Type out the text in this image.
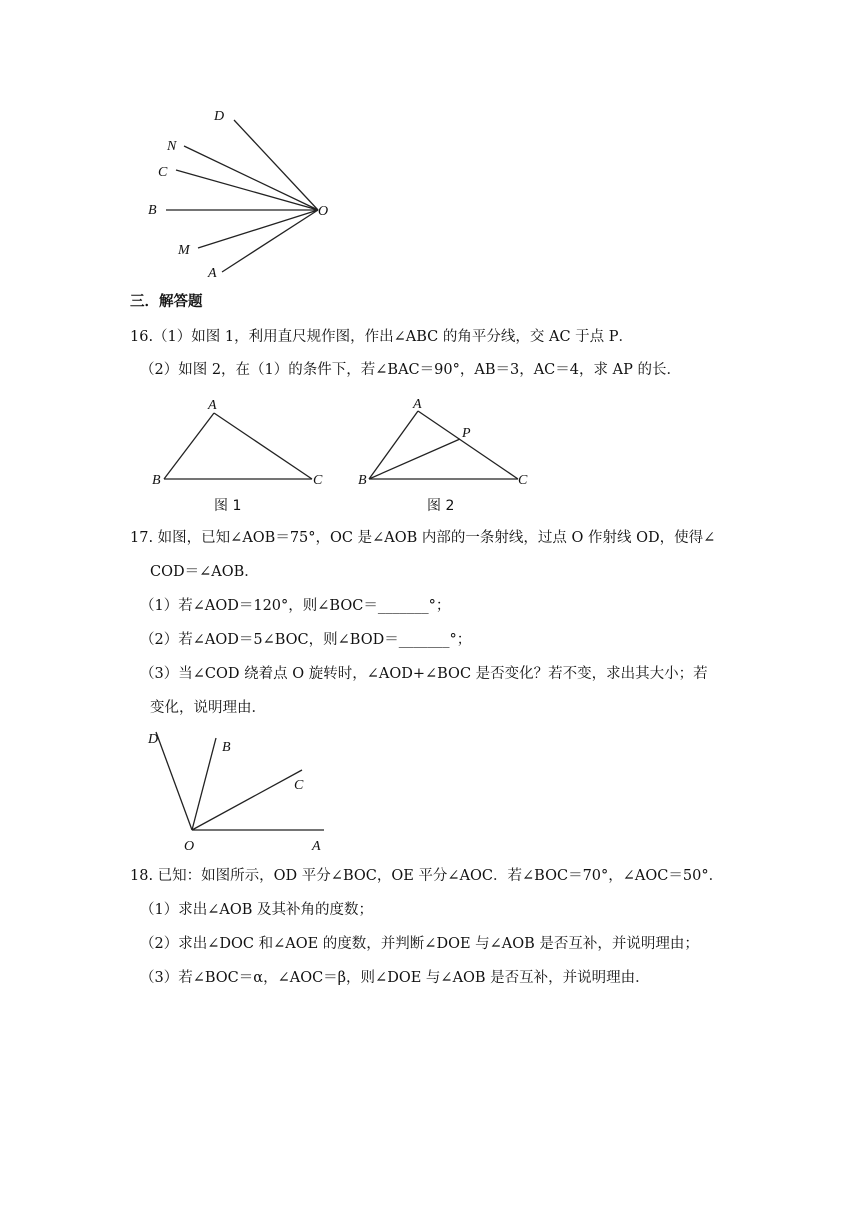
D
N
C
B
M
A
O
三．解答题
16.（1）如图 1，利用直尺规作图，作出∠ABC 的角平分线，交 AC 于点 P．
（2）如图 2，在（1）的条件下，若∠BAC＝90°，AB＝3，AC＝4，求 AP 的长．
A
B	C
图 1
A
P
B	C
图 2
17. 如图，已知∠AOB＝75°，OC 是∠AOB 内部的一条射线，过点 O 作射线 OD，使得∠
COD＝∠AOB．
（1）若∠AOD＝120°，则∠BOC＝_______°；
（2）若∠AOD＝5∠BOC，则∠BOD＝_______°；
（3）当∠COD 绕着点 O 旋转时，∠AOD+∠BOC 是否变化？若不变，求出其大小；若
变化，说明理由．
D
B
C
O	A
18. 已知：如图所示，OD 平分∠BOC，OE 平分∠AOC．若∠BOC＝70°，∠AOC＝50°．
（1）求出∠AOB 及其补角的度数；
（2）求出∠DOC 和∠AOE 的度数，并判断∠DOE 与∠AOB 是否互补，并说明理由；
（3）若∠BOC＝α，∠AOC＝β，则∠DOE 与∠AOB 是否互补，并说明理由．
